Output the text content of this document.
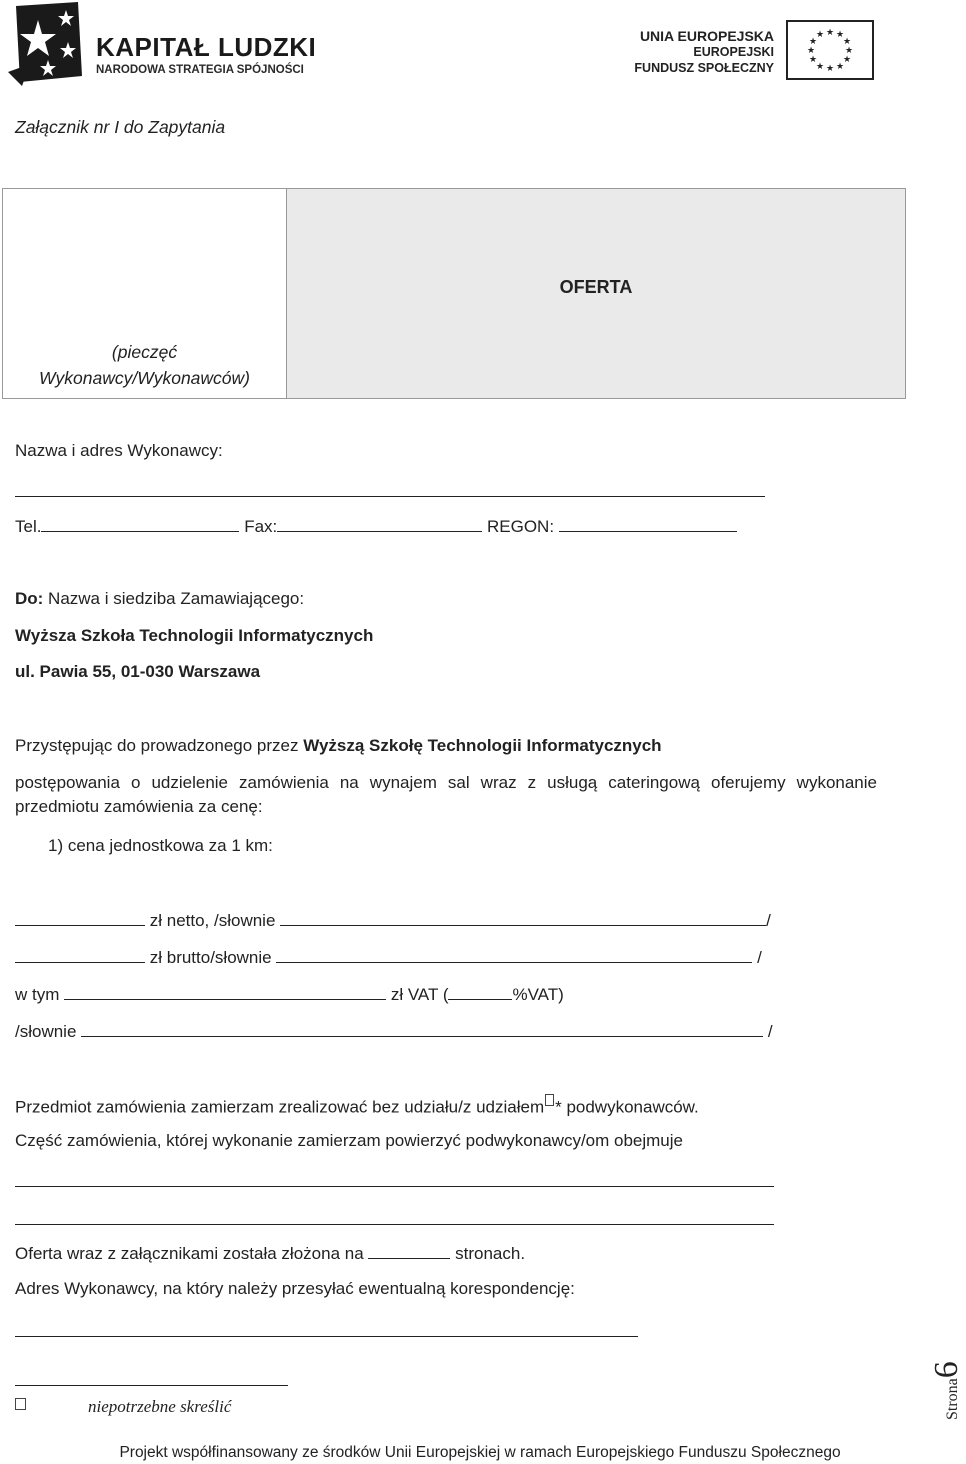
KAPITAŁ LUDZKI
NARODOWA STRATEGIA SPÓJNOŚCI
UNIA EUROPEJSKA
EUROPEJSKI
FUNDUSZ SPOŁECZNY
★ ★
★
★
★
★
★
★
★
★
★
★
Załącznik nr I do Zapytania
(pieczęć
Wykonawcy/Wykonawców)
OFERTA
Nazwa i adres Wykonawcy:
Tel.	Fax:	REGON:
Do: Nazwa i siedziba Zamawiającego:
Wyższa Szkoła Technologii Informatycznych
ul. Pawia 55, 01-030 Warszawa
Przystępując do prowadzonego przez Wyższą Szkołę Technologii Informatycznych
postępowania o udzielenie zamówienia na wynajem sal wraz z usługą cateringową oferujemy wykonanie przedmiotu zamówienia za cenę:
1) cena jednostkowa za 1 km:
zł netto, /słownie	/
zł brutto/słownie	/
w tym	zł VAT (	%VAT)
/słownie	/
Przedmiot zamówienia zamierzam zrealizować bez udziału/z udziałem * podwykonawców.
Część zamówienia, której wykonanie zamierzam powierzyć podwykonawcy/om obejmuje
Oferta wraz z załącznikami została złożona na	stronach.
Adres Wykonawcy, na który należy przesyłać ewentualną korespondencję:
niepotrzebne skreślić	Strona6
Projekt współfinansowany ze środków Unii Europejskiej w ramach Europejskiego Funduszu Społecznego
